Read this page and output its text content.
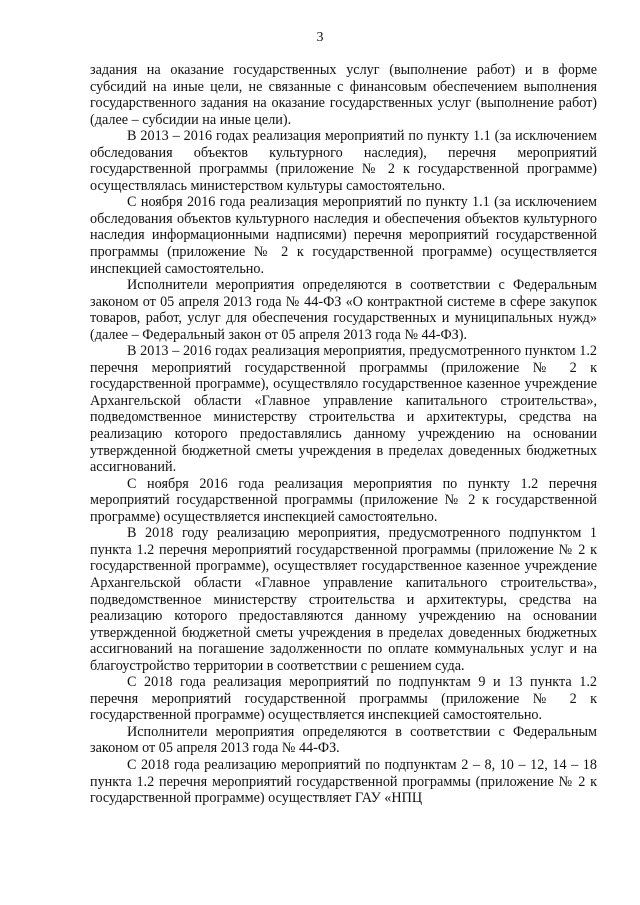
3

задания на оказание государственных услуг (выполнение работ) и в форме субсидий на иные цели, не связанные с финансовым обеспечением выполнения государственного задания на оказание государственных услуг (выполнение работ) (далее – субсидии на иные цели).

В 2013 – 2016 годах реализация мероприятий по пункту 1.1 (за исключением обследования объектов культурного наследия), перечня мероприятий государственной программы (приложение № 2 к государственной программе) осуществлялась министерством культуры самостоятельно.

С ноября 2016 года реализация мероприятий по пункту 1.1 (за исключением обследования объектов культурного наследия и обеспечения объектов культурного наследия информационными надписями) перечня мероприятий государственной программы (приложение № 2 к государственной программе) осуществляется инспекцией самостоятельно.

Исполнители мероприятия определяются в соответствии с Федеральным законом от 05 апреля 2013 года № 44-ФЗ «О контрактной системе в сфере закупок товаров, работ, услуг для обеспечения государственных и муниципальных нужд» (далее – Федеральный закон от 05 апреля 2013 года № 44-ФЗ).

В 2013 – 2016 годах реализация мероприятия, предусмотренного пунктом 1.2 перечня мероприятий государственной программы (приложение № 2 к государственной программе), осуществляло государственное казенное учреждение Архангельской области «Главное управление капитального строительства», подведомственное министерству строительства и архитектуры, средства на реализацию которого предоставлялись данному учреждению на основании утвержденной бюджетной сметы учреждения в пределах доведенных бюджетных ассигнований.

С ноября 2016 года реализация мероприятия по пункту 1.2 перечня мероприятий государственной программы (приложение № 2 к государственной программе) осуществляется инспекцией самостоятельно.

В 2018 году реализацию мероприятия, предусмотренного подпунктом 1 пункта 1.2 перечня мероприятий государственной программы (приложение № 2 к государственной программе), осуществляет государственное казенное учреждение Архангельской области «Главное управление капитального строительства», подведомственное министерству строительства и архитектуры, средства на реализацию которого предоставляются данному учреждению на основании утвержденной бюджетной сметы учреждения в пределах доведенных бюджетных ассигнований на погашение задолженности по оплате коммунальных услуг и на благоустройство территории в соответствии с решением суда.

С 2018 года реализация мероприятий по подпунктам 9 и 13 пункта 1.2 перечня мероприятий государственной программы (приложение № 2 к государственной программе) осуществляется инспекцией самостоятельно.

Исполнители мероприятия определяются в соответствии с Федеральным законом от 05 апреля 2013 года № 44-ФЗ.

С 2018 года реализацию мероприятий по подпунктам 2 – 8, 10 – 12, 14 – 18 пункта 1.2 перечня мероприятий государственной программы (приложение № 2 к государственной программе) осуществляет ГАУ «НПЦ
